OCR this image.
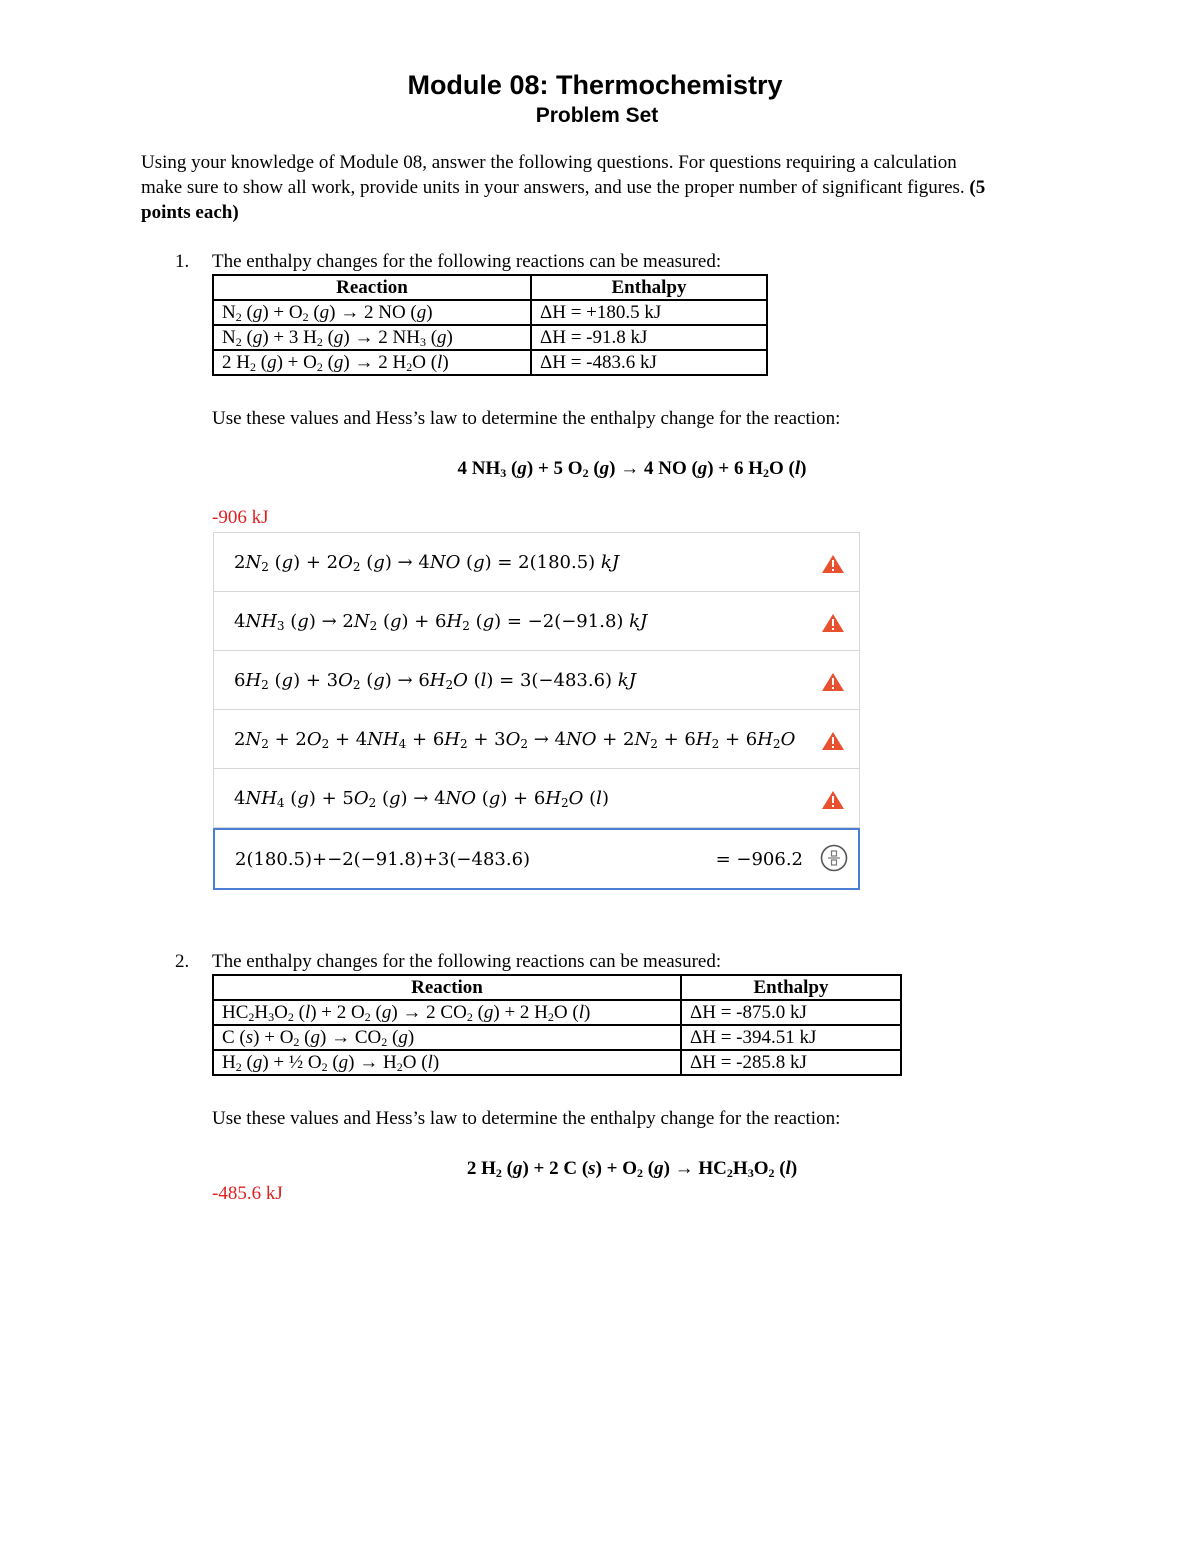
Module 08: Thermochemistry
Problem Set
Using your knowledge of Module 08, answer the following questions. For questions requiring a calculation make sure to show all work, provide units in your answers, and use the proper number of significant figures. (5 points each)
1. The enthalpy changes for the following reactions can be measured:
Reaction	Enthalpy
$N_2$ $(g) + O_2$ (g) → 2 NO (g)	ΔH = +180.5 kJ
$N_2$ (g) + 3 $H_2$ (g) → 2 $NH_3$ (g)	ΔH = -91.8 kJ
2 $H_2$ $(g) + O_2$ (g) → 2 $H_2O$ (l)	ΔH = -483.6 kJ
Use these values and Hess’s law to determine the enthalpy change for the reaction:
4 $NH_3$ (g) + 5 $O_2$ (g) → 4 NO (g) + 6 $H_2O$ (l)
-906 kJ
$2N_2$ $(g) + 2O_2$ (g) → 4NO (g) = 2(180.5) kJ
$4NH_3$ $(g) \to 2N_2$ $(g) + 6H_2$ (g) = −2(−91.8) kJ
$6H_2$ $(g) + 3O_2$ $(g) \to 6H_2O$ (l) = 3(−483.6) kJ
$2N_2 + 2O_2 + 4NH_4 + 6H_2 + 3O_2 \to 4NO + 2N_2 + 6H_2 + 6H_2O$
$4NH_4$ $(g) + 5O_2$ (g) → 4NO $(g) + 6H_2O$ (l)
2(180.5)+−2(−91.8)+3(−483.6)	= −906.2
2. The enthalpy changes for the following reactions can be measured:
Reaction	Enthalpy
$HC_2H_3O_2$ (l) + 2 $O_2$ (g) → 2 $CO_2$ (g) + 2 $H_2O$ (l)	ΔH = -875.0 kJ
C $(s) + O_2$ $(g) \to CO_2$ (g)	ΔH = -394.51 kJ
$H_2$ (g) + ½ $O_2$ $(g) \to H_2O$ (l)	ΔH = -285.8 kJ
Use these values and Hess’s law to determine the enthalpy change for the reaction:
2 $H_2$ (g) + 2 C $(s) + O_2$ $(g) \to HC_2H_3O_2$ (l)
-485.6 kJ
